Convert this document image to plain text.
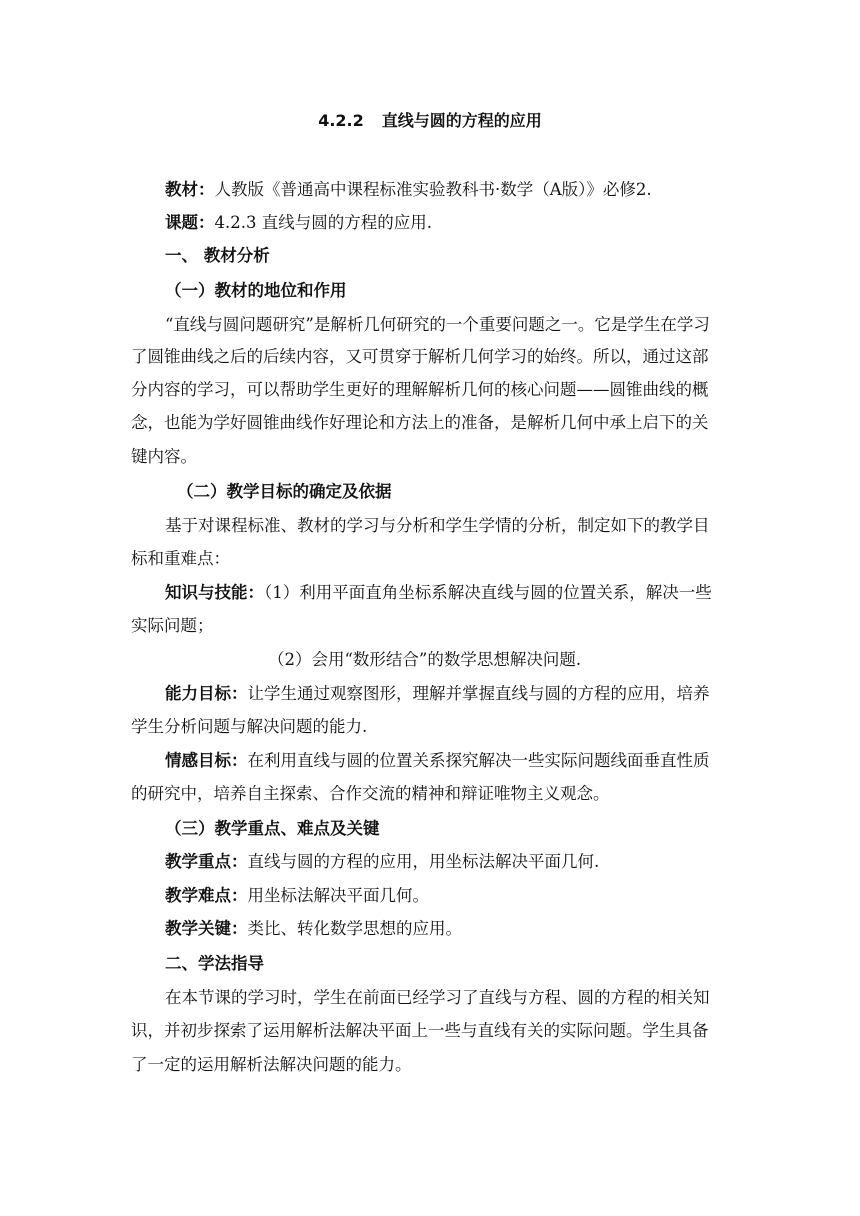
4.2.2 直线与圆的方程的应用
教材：人教版《普通高中课程标准实验教科书·数学（A版）》必修2.
课题：4.2.3 直线与圆的方程的应用.
一、 教材分析
（一）教材的地位和作用
“直线与圆问题研究”是解析几何研究的一个重要问题之一。它是学生在学习
了圆锥曲线之后的后续内容，又可贯穿于解析几何学习的始终。所以，通过这部
分内容的学习，可以帮助学生更好的理解解析几何的核心问题——圆锥曲线的概
念，也能为学好圆锥曲线作好理论和方法上的准备，是解析几何中承上启下的关
键内容。
（二）教学目标的确定及依据
基于对课程标准、教材的学习与分析和学生学情的分析，制定如下的教学目
标和重难点：
知识与技能：（1）利用平面直角坐标系解决直线与圆的位置关系，解决一些
实际问题；
（2）会用“数形结合”的数学思想解决问题.
能力目标：让学生通过观察图形，理解并掌握直线与圆的方程的应用，培养
学生分析问题与解决问题的能力.
情感目标：在利用直线与圆的位置关系探究解决一些实际问题线面垂直性质
的研究中，培养自主探索、合作交流的精神和辩证唯物主义观念。
（三）教学重点、难点及关键
教学重点：直线与圆的方程的应用，用坐标法解决平面几何.
教学难点：用坐标法解决平面几何。
教学关键：类比、转化数学思想的应用。
二、学法指导
在本节课的学习时，学生在前面已经学习了直线与方程、圆的方程的相关知
识，并初步探索了运用解析法解决平面上一些与直线有关的实际问题。学生具备
了一定的运用解析法解决问题的能力。
